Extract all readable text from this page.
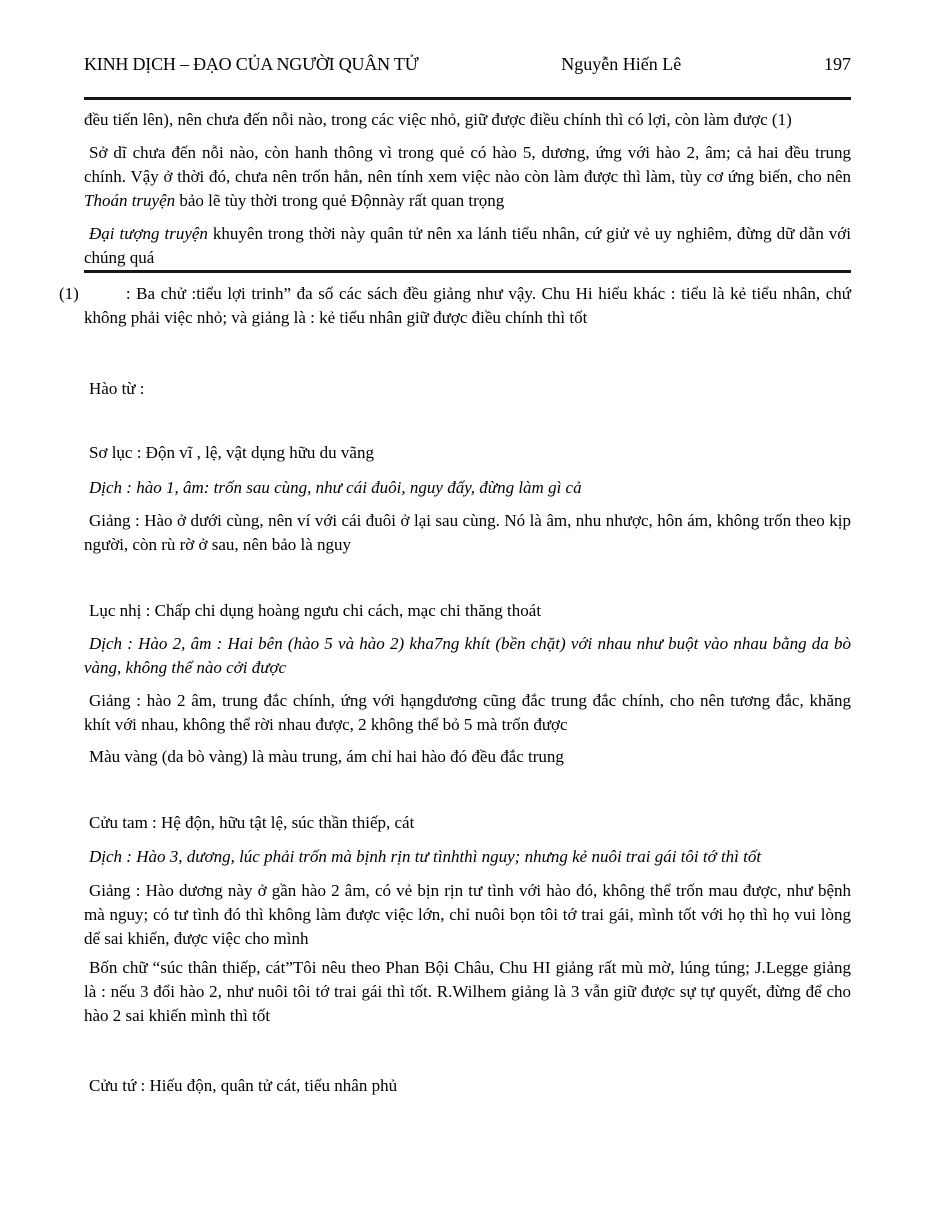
KINH DỊCH – ĐẠO CỦA NGƯỜI QUÂN TỬ	Nguyễn Hiến Lê	197

đều tiến lên), nên chưa đến nỗi nào, trong các việc nhỏ, giữ được điều chính thì có lợi, còn làm được (1)

Sở dĩ chưa đến nỗi nào, còn hanh thông vì trong quẻ có hào 5, dương, ứng với hào 2, âm; cả hai đều trung chính. Vậy ở thời đó, chưa nên trốn hẳn, nên tính xem việc nào còn làm được thì làm, tùy cơ ứng biến, cho nên Thoán truyện bảo lẽ tùy thời trong quẻ Độnnày rất quan trọng

Đại tượng truyện khuyên trong thời này quân tử nên xa lánh tiểu nhân, cứ giử vẻ uy nghiêm, đừng dữ dằn với chúng quá

(1)	: Ba chử :tiểu lợi trinh” đa số các sách đều giảng như vậy. Chu Hi hiểu khác : tiểu là kẻ tiểu nhân, chứ không phải việc nhỏ; và giảng là : kẻ tiểu nhân giữ được điều chính thì tốt

Hào từ :

Sơ lục : Độn vĩ , lệ, vật dụng hữu du vãng

Dịch : hào 1, âm: trốn sau cùng, như cái đuôi, nguy đấy, đừng làm gì cả

Giảng : Hào ở dưới cùng, nên ví với cái đuôi ở lại sau cùng. Nó là âm, nhu nhược, hôn ám, không trốn theo kịp người, còn rù rờ ở sau, nên bảo là nguy

Lục nhị : Chấp chi dụng hoàng ngưu chi cách, mạc chi thăng thoát

Dịch : Hào 2, âm : Hai bên (hào 5 và hào 2) kha7ng khít (bền chặt) với nhau như buột vào nhau bằng da bò vàng, không thể nào cởi được

Giảng : hào 2 âm, trung đắc chính, ứng với hạngdương cũng đắc trung đắc chính, cho nên tương đắc, khăng khít với nhau, không thể rời nhau được, 2 không thể bỏ 5 mà trốn được

Màu vàng (da bò vàng) là màu trung, ám chỉ hai hào đó đều đắc trung

Cửu tam : Hệ độn, hữu tật lệ, súc thần thiếp, cát

Dịch : Hào 3, dương, lúc phải trốn mà bịnh rịn tư tìnhthì nguy; nhưng kẻ nuôi trai gái tôi tớ thì tốt

Giảng : Hào dương này ở gần hào 2 âm, có vẻ bịn rịn tư tình với hào đó, không thể trốn mau được, như bệnh mà nguy; có tư tình đó thì không làm được việc lớn, chỉ nuôi bọn tôi tớ trai gái, mình tốt với họ thì họ vui lòng dể sai khiến, được việc cho mình

Bốn chữ “súc thân thiếp, cát”Tôi nêu theo Phan Bội Châu, Chu HI giảng rất mù mờ, lúng túng; J.Legge giảng là : nếu 3 đổi hào 2, như nuôi tôi tớ trai gái thì tốt. R.Wilhem giảng là 3 vẫn giữ được sự tự quyết, đừng để cho hào 2 sai khiến mình thì tốt

Cửu tứ : Hiếu độn, quân tử cát, tiểu nhân phủ
